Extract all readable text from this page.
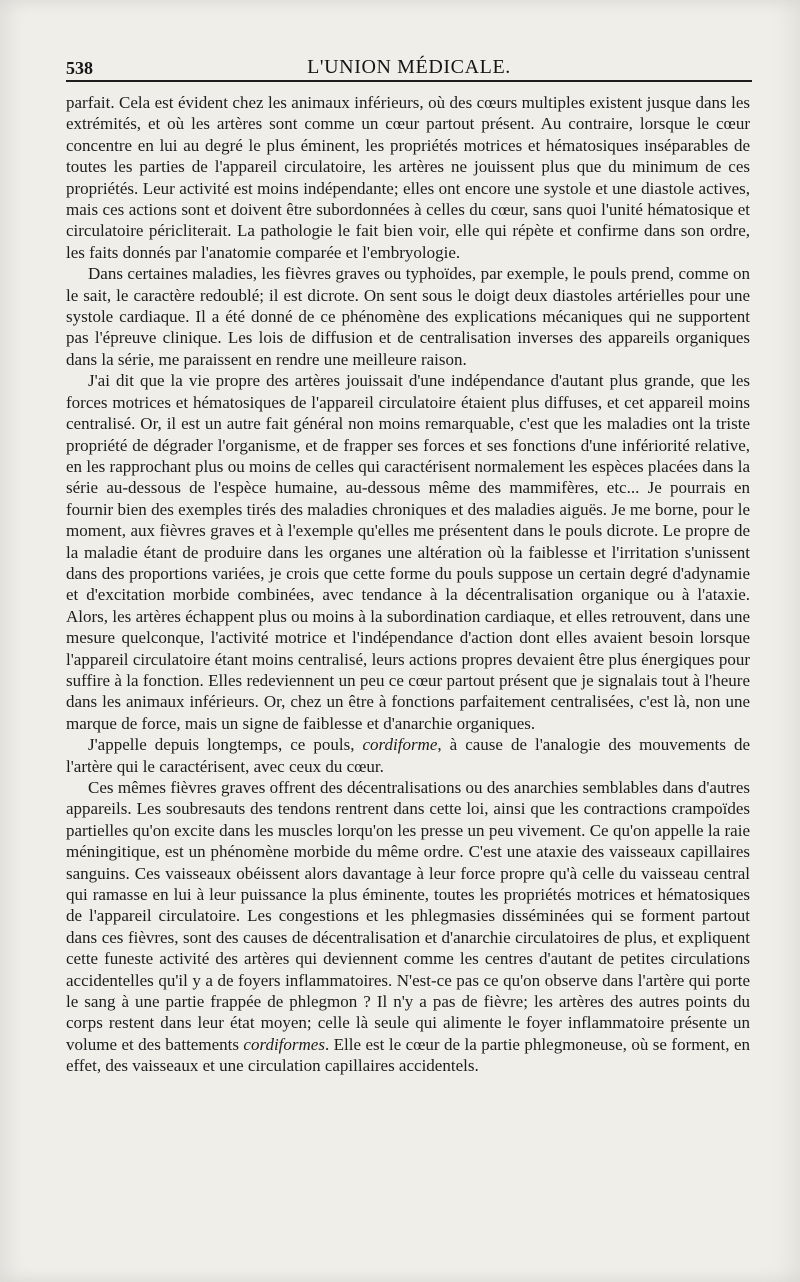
538	L'UNION MÉDICALE.

parfait. Cela est évident chez les animaux inférieurs, où des cœurs multiples existent jusque dans les extrémités, et où les artères sont comme un cœur partout présent. Au contraire, lorsque le cœur concentre en lui au degré le plus éminent, les propriétés motrices et hématosiques inséparables de toutes les parties de l'appareil circulatoire, les artères ne jouissent plus que du minimum de ces propriétés. Leur activité est moins indépendante; elles ont encore une systole et une diastole actives, mais ces actions sont et doivent être subordonnées à celles du cœur, sans quoi l'unité hématosique et circulatoire péricliterait. La pathologie le fait bien voir, elle qui répète et confirme dans son ordre, les faits donnés par l'anatomie comparée et l'embryologie.

Dans certaines maladies, les fièvres graves ou typhoïdes, par exemple, le pouls prend, comme on le sait, le caractère redoublé; il est dicrote. On sent sous le doigt deux diastoles artérielles pour une systole cardiaque. Il a été donné de ce phénomène des explications mécaniques qui ne supportent pas l'épreuve clinique. Les lois de diffusion et de centralisation inverses des appareils organiques dans la série, me paraissent en rendre une meilleure raison.

J'ai dit que la vie propre des artères jouissait d'une indépendance d'autant plus grande, que les forces motrices et hématosiques de l'appareil circulatoire étaient plus diffuses, et cet appareil moins centralisé. Or, il est un autre fait général non moins remarquable, c'est que les maladies ont la triste propriété de dégrader l'organisme, et de frapper ses forces et ses fonctions d'une infériorité relative, en les rapprochant plus ou moins de celles qui caractérisent normalement les espèces placées dans la série au-dessous de l'espèce humaine, au-dessous même des mammifères, etc... Je pourrais en fournir bien des exemples tirés des maladies chroniques et des maladies aiguës. Je me borne, pour le moment, aux fièvres graves et à l'exemple qu'elles me présentent dans le pouls dicrote. Le propre de la maladie étant de produire dans les organes une altération où la faiblesse et l'irritation s'unissent dans des proportions variées, je crois que cette forme du pouls suppose un certain degré d'adynamie et d'excitation morbide combinées, avec tendance à la décentralisation organique ou à l'ataxie. Alors, les artères échappent plus ou moins à la subordination cardiaque, et elles retrouvent, dans une mesure quelconque, l'activité motrice et l'indépendance d'action dont elles avaient besoin lorsque l'appareil circulatoire étant moins centralisé, leurs actions propres devaient être plus énergiques pour suffire à la fonction. Elles redeviennent un peu ce cœur partout présent que je signalais tout à l'heure dans les animaux inférieurs. Or, chez un être à fonctions parfaitement centralisées, c'est là, non une marque de force, mais un signe de faiblesse et d'anarchie organiques.

J'appelle depuis longtemps, ce pouls, cordiforme, à cause de l'analogie des mouvements de l'artère qui le caractérisent, avec ceux du cœur.

Ces mêmes fièvres graves offrent des décentralisations ou des anarchies semblables dans d'autres appareils. Les soubresauts des tendons rentrent dans cette loi, ainsi que les contractions crampoïdes partielles qu'on excite dans les muscles lorqu'on les presse un peu vivement. Ce qu'on appelle la raie méningitique, est un phénomène morbide du même ordre. C'est une ataxie des vaisseaux capillaires sanguins. Ces vaisseaux obéissent alors davantage à leur force propre qu'à celle du vaisseau central qui ramasse en lui à leur puissance la plus éminente, toutes les propriétés motrices et hématosiques de l'appareil circulatoire. Les congestions et les phlegmasies disséminées qui se forment partout dans ces fièvres, sont des causes de décentralisation et d'anarchie circulatoires de plus, et expliquent cette funeste activité des artères qui deviennent comme les centres d'autant de petites circulations accidentelles qu'il y a de foyers inflammatoires. N'est-ce pas ce qu'on observe dans l'artère qui porte le sang à une partie frappée de phlegmon ? Il n'y a pas de fièvre; les artères des autres points du corps restent dans leur état moyen; celle là seule qui alimente le foyer inflammatoire présente un volume et des battements cordiformes. Elle est le cœur de la partie phlegmoneuse, où se forment, en effet, des vaisseaux et une circulation capillaires accidentels.
